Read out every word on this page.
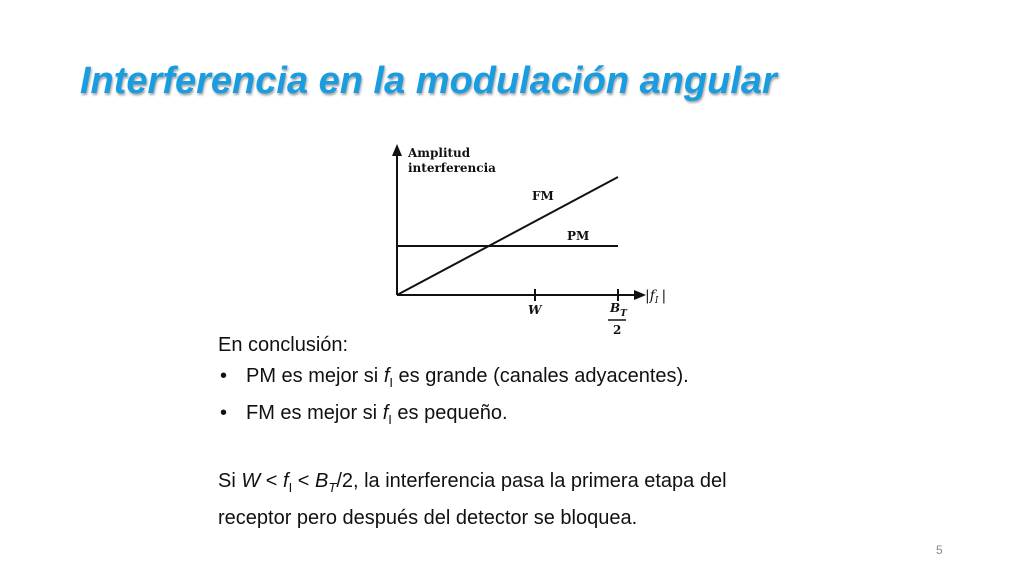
Interferencia en la modulación angular
Amplitud
interferencia
FM
PM
$|f_I$ |
W	$B_T$
2
En conclusión:
• PM es mejor si $f_I$ es grande (canales adyacentes).
• FM es mejor si $f_I$ es pequeño.
Si $W < f_I < B_T/2$, la interferencia pasa la primera etapa del
receptor pero después del detector se bloquea.
5
